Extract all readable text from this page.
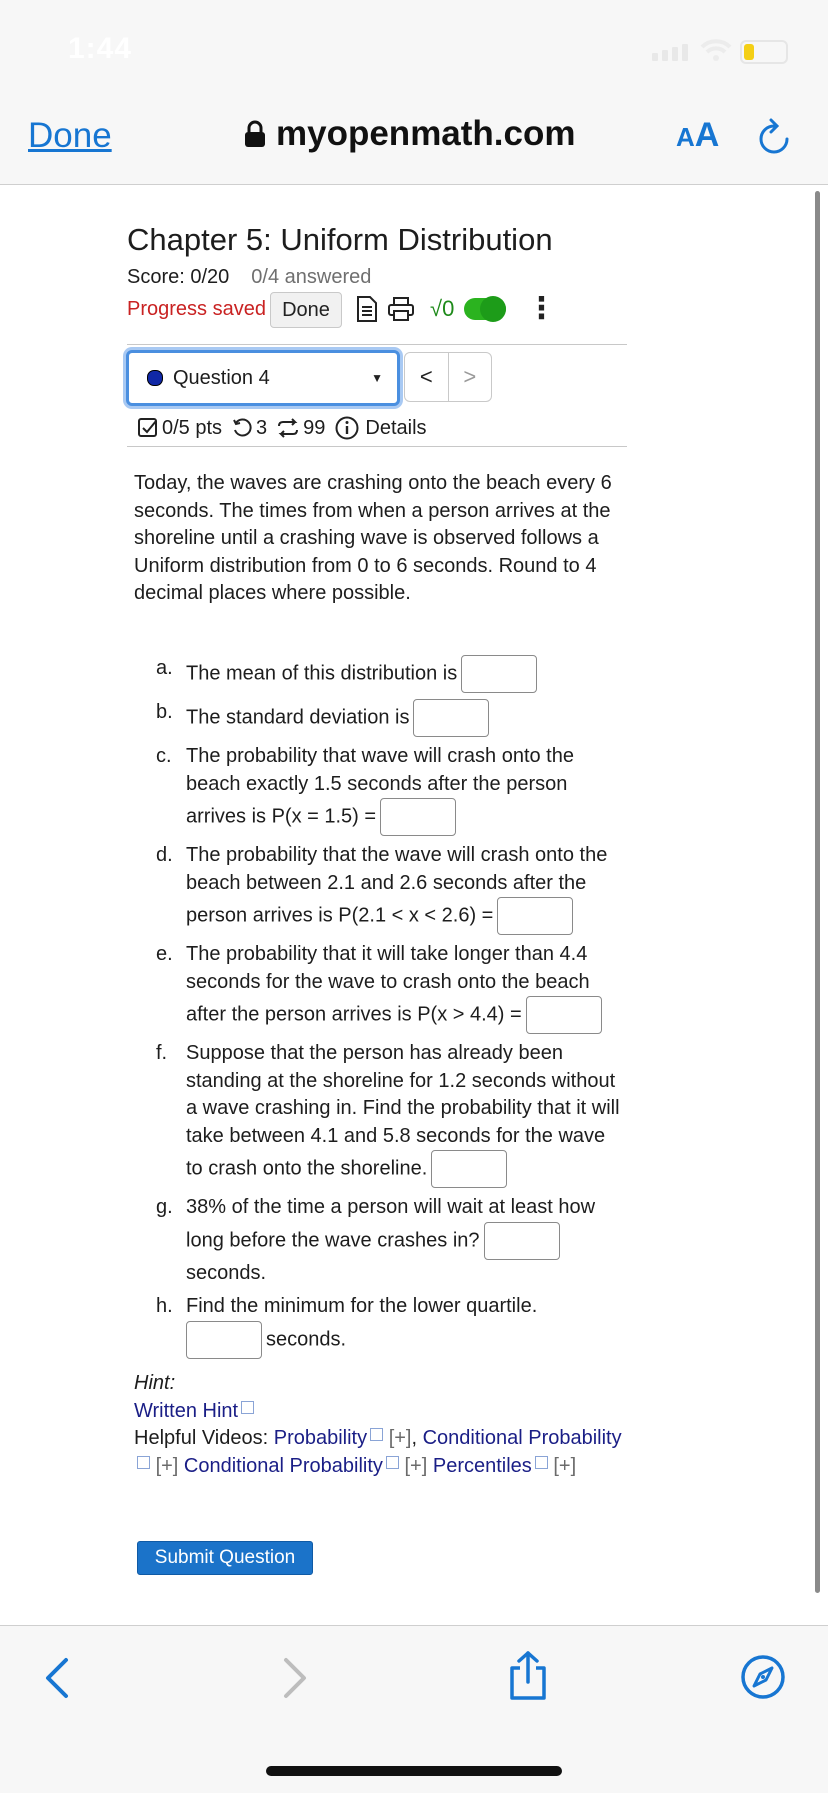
1:44
Done	myopenmath.com	AA
Chapter 5: Uniform Distribution
Score: 0/20 0/4 answered
Progress saved Done	√0 ⋮
Question 4	▼	<	>
0/5 pts 3 99 Details
Today, the waves are crashing onto the beach every 6 seconds. The times from when a person arrives at the shoreline until a crashing wave is observed follows a Uniform distribution from 0 to 6 seconds. Round to 4 decimal places where possible.
a. The mean of this distribution is
b. The standard deviation is
c. The probability that wave will crash onto the beach exactly 1.5 seconds after the person arrives is P(x = 1.5) =
d. The probability that the wave will crash onto the beach between 2.1 and 2.6 seconds after the person arrives is P(2.1 < x < 2.6) =
e. The probability that it will take longer than 4.4 seconds for the wave to crash onto the beach after the person arrives is P(x > 4.4) =
f. Suppose that the person has already been standing at the shoreline for 1.2 seconds without a wave crashing in. Find the probability that it will take between 4.1 and 5.8 seconds for the wave to crash onto the shoreline.
g. 38% of the time a person will wait at least how long before the wave crashes in?
seconds.
h. Find the minimum for the lower quartile.
seconds.
Hint:
Written Hint
Helpful Videos: Probability [+], Conditional Probability [+] Conditional Probability [+] Percentiles [+]
Submit Question
